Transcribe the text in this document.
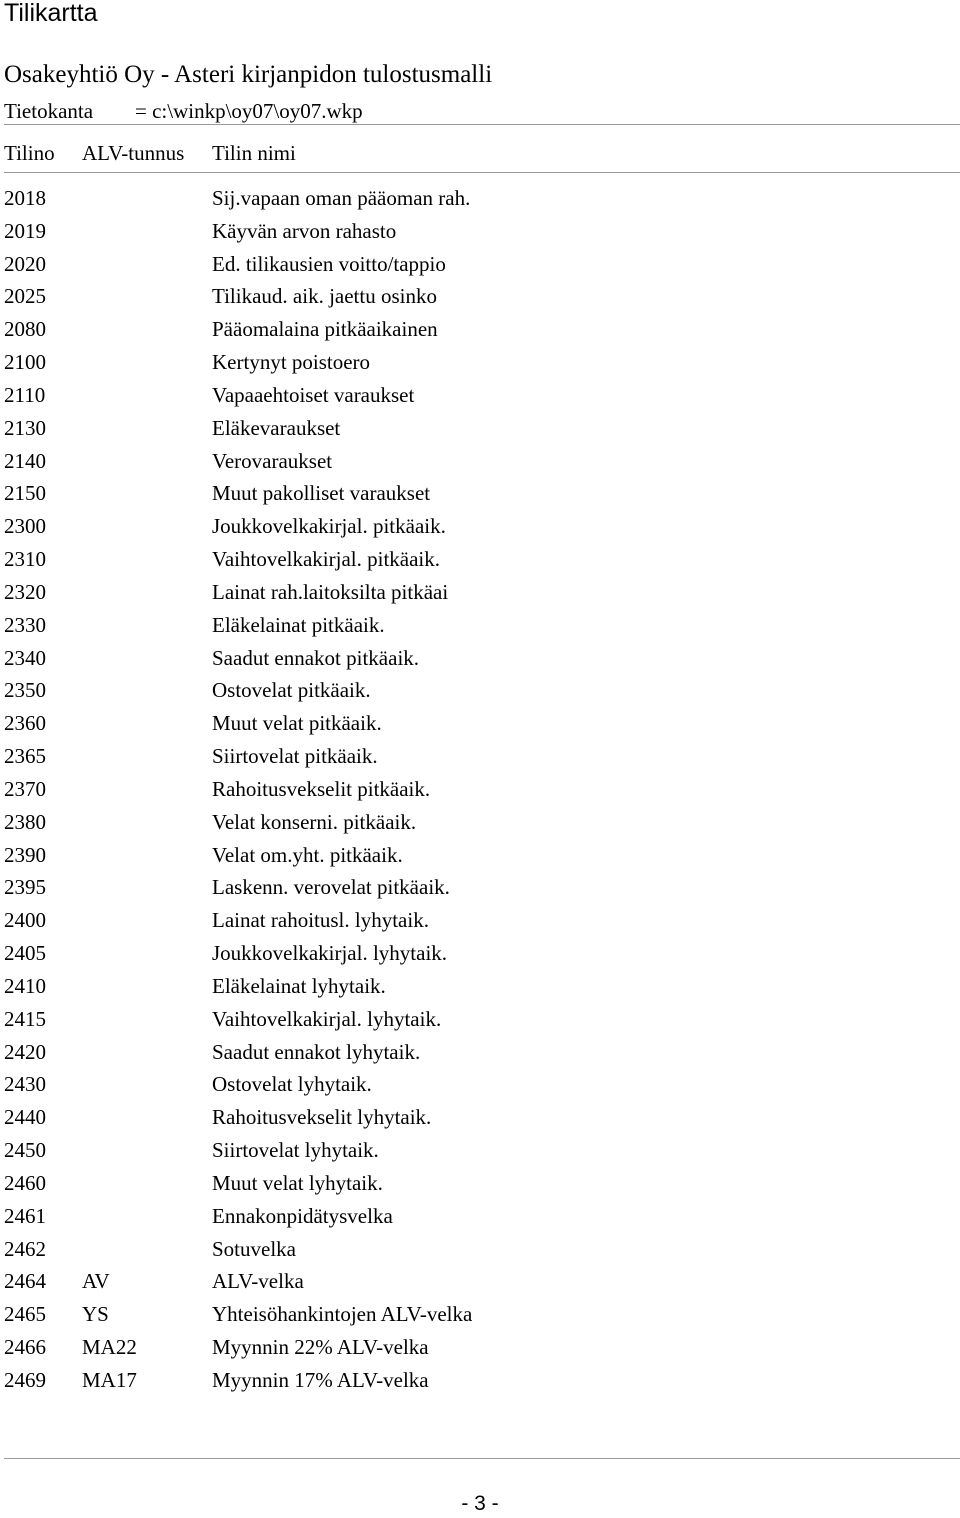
Tilikartta
Osakeyhtiö Oy - Asteri kirjanpidon tulostusmalli
Tietokanta = c:\winkp\oy07\oy07.wkp
Tilino ALV-tunnus Tilin nimi
2018	Sij.vapaan oman pääoman rah.
2019	Käyvän arvon rahasto
2020	Ed. tilikausien voitto/tappio
2025	Tilikaud. aik. jaettu osinko
2080	Pääomalaina pitkäaikainen
2100	Kertynyt poistoero
2110	Vapaaehtoiset varaukset
2130	Eläkevaraukset
2140	Verovaraukset
2150	Muut pakolliset varaukset
2300	Joukkovelkakirjal. pitkäaik.
2310	Vaihtovelkakirjal. pitkäaik.
2320	Lainat rah.laitoksilta pitkäai
2330	Eläkelainat pitkäaik.
2340	Saadut ennakot pitkäaik.
2350	Ostovelat pitkäaik.
2360	Muut velat pitkäaik.
2365	Siirtovelat pitkäaik.
2370	Rahoitusvekselit pitkäaik.
2380	Velat konserni. pitkäaik.
2390	Velat om.yht. pitkäaik.
2395	Laskenn. verovelat pitkäaik.
2400	Lainat rahoitusl. lyhytaik.
2405	Joukkovelkakirjal. lyhytaik.
2410	Eläkelainat lyhytaik.
2415	Vaihtovelkakirjal. lyhytaik.
2420	Saadut ennakot lyhytaik.
2430	Ostovelat lyhytaik.
2440	Rahoitusvekselit lyhytaik.
2450	Siirtovelat lyhytaik.
2460	Muut velat lyhytaik.
2461	Ennakonpidätysvelka
2462	Sotuvelka
2464 AV	ALV-velka
2465 YS	Yhteisöhankintojen ALV-velka
2466 MA22	Myynnin 22% ALV-velka
2469 MA17	Myynnin 17% ALV-velka
- 3 -
